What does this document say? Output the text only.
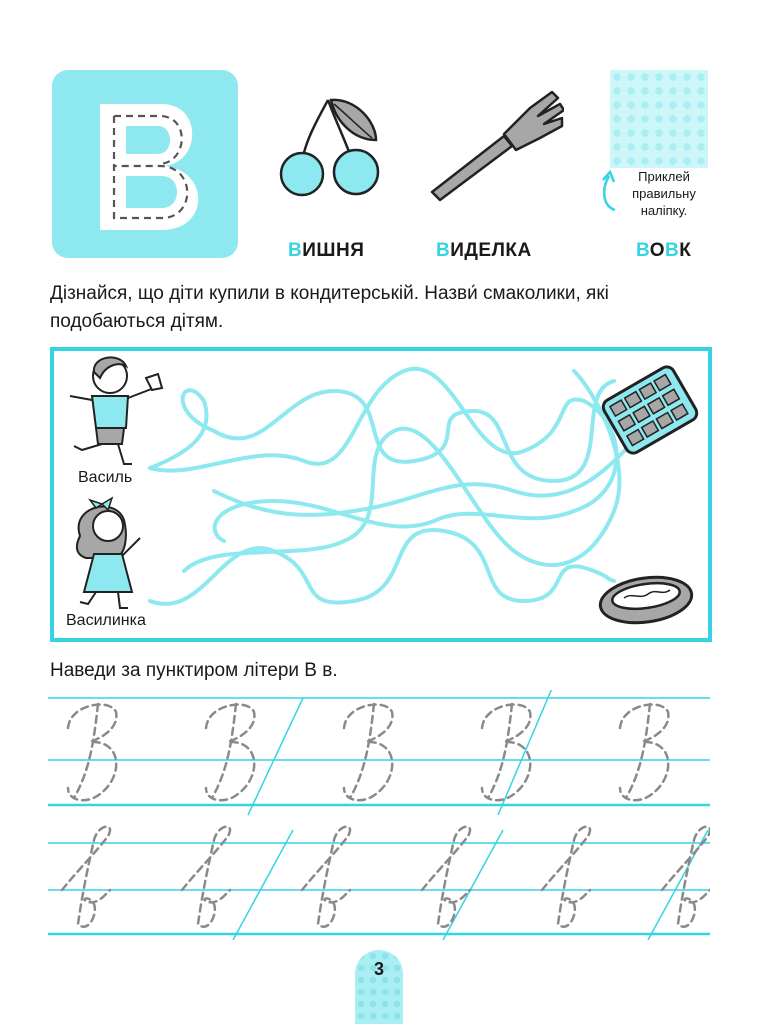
Приклей правильну наліпку.
ВИШНЯ	ВИДЕЛКА	ВОВК
Дізнайся, що діти купили в кондитерській. Назви́ смаколики, які
подобаються дітям.
Василь
Василинка
Наведи за пунктиром літери В в.
3
